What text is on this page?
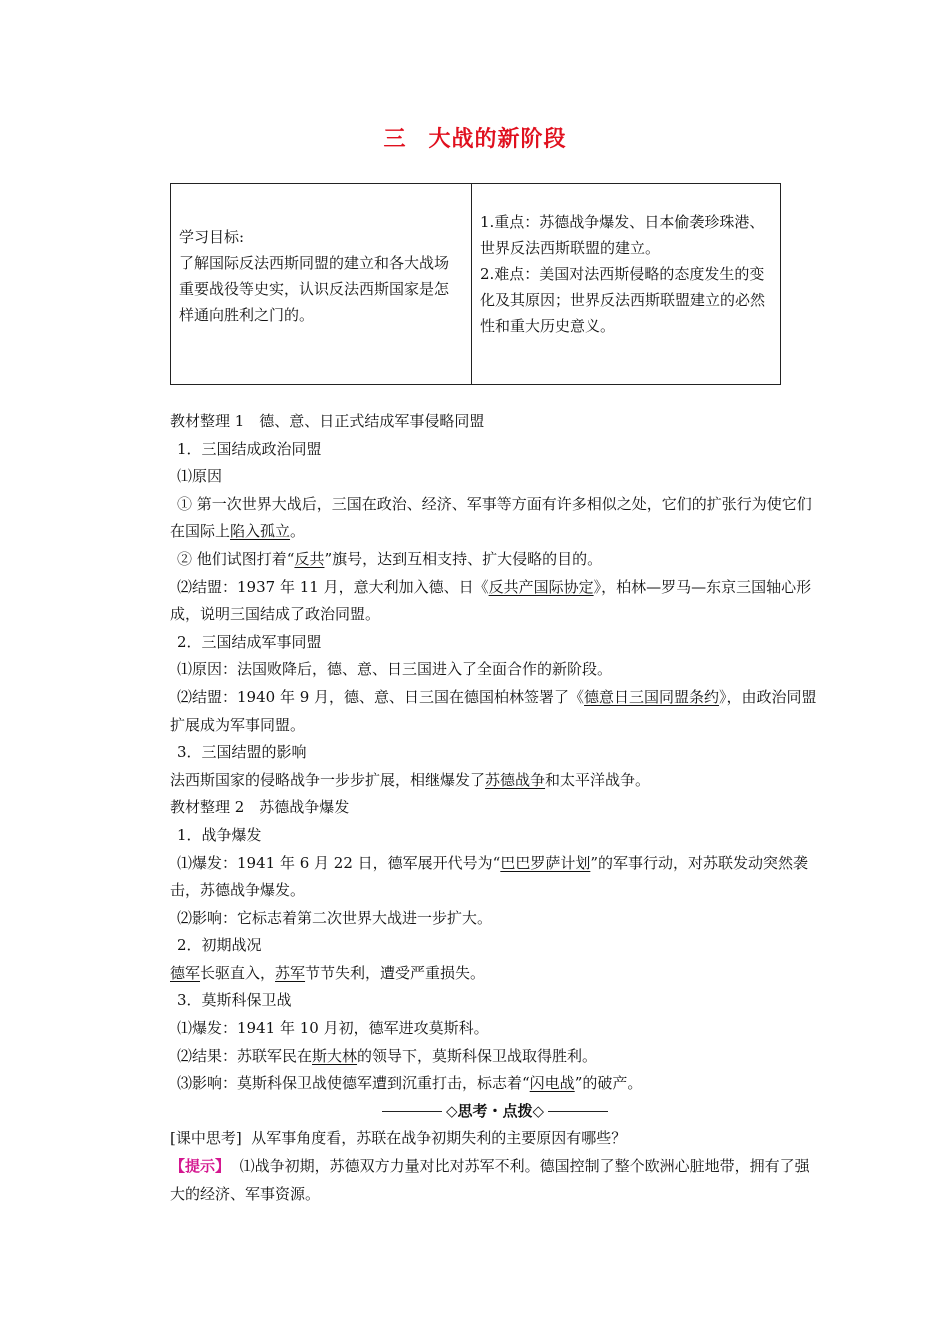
三 大战的新阶段
学习目标:
了解国际反法西斯同盟的建立和各大战场重要战役等史实，认识反法西斯国家是怎样通向胜利之门的。
1.重点：苏德战争爆发、日本偷袭珍珠港、世界反法西斯联盟的建立。
2.难点：美国对法西斯侵略的态度发生的变化及其原因；世界反法西斯联盟建立的必然性和重大历史意义。

教材整理 1　德、意、日正式结成军事侵略同盟

1．三国结成政治同盟

⑴原因

① 第一次世界大战后，三国在政治、经济、军事等方面有许多相似之处，它们的扩张行为使它们在国际上陷入孤立。

② 他们试图打着“反共”旗号，达到互相支持、扩大侵略的目的。

⑵结盟：1937 年 11 月，意大利加入德、日《反共产国际协定》，柏林—罗马—东京三国轴心形成，说明三国结成了政治同盟。

2．三国结成军事同盟

⑴原因：法国败降后，德、意、日三国进入了全面合作的新阶段。

⑵结盟：1940 年 9 月，德、意、日三国在德国柏林签署了《德意日三国同盟条约》，由政治同盟扩展成为军事同盟。

3．三国结盟的影响

法西斯国家的侵略战争一步步扩展，相继爆发了苏德战争和太平洋战争。

教材整理 2　苏德战争爆发

1．战争爆发

⑴爆发：1941 年 6 月 22 日，德军展开代号为“巴巴罗萨计划”的军事行动，对苏联发动突然袭击，苏德战争爆发。

⑵影响：它标志着第二次世界大战进一步扩大。

2．初期战况

德军长驱直入，苏军节节失利，遭受严重损失。

3．莫斯科保卫战

⑴爆发：1941 年 10 月初，德军进攻莫斯科。

⑵结果：苏联军民在斯大林的领导下，莫斯科保卫战取得胜利。

⑶影响：莫斯科保卫战使德军遭到沉重打击，标志着“闪电战”的破产。

◇思考・点拨◇

[课中思考] 从军事角度看，苏联在战争初期失利的主要原因有哪些？

【提示】 ⑴战争初期，苏德双方力量对比对苏军不利。德国控制了整个欧洲心脏地带，拥有了强大的经济、军事资源。
